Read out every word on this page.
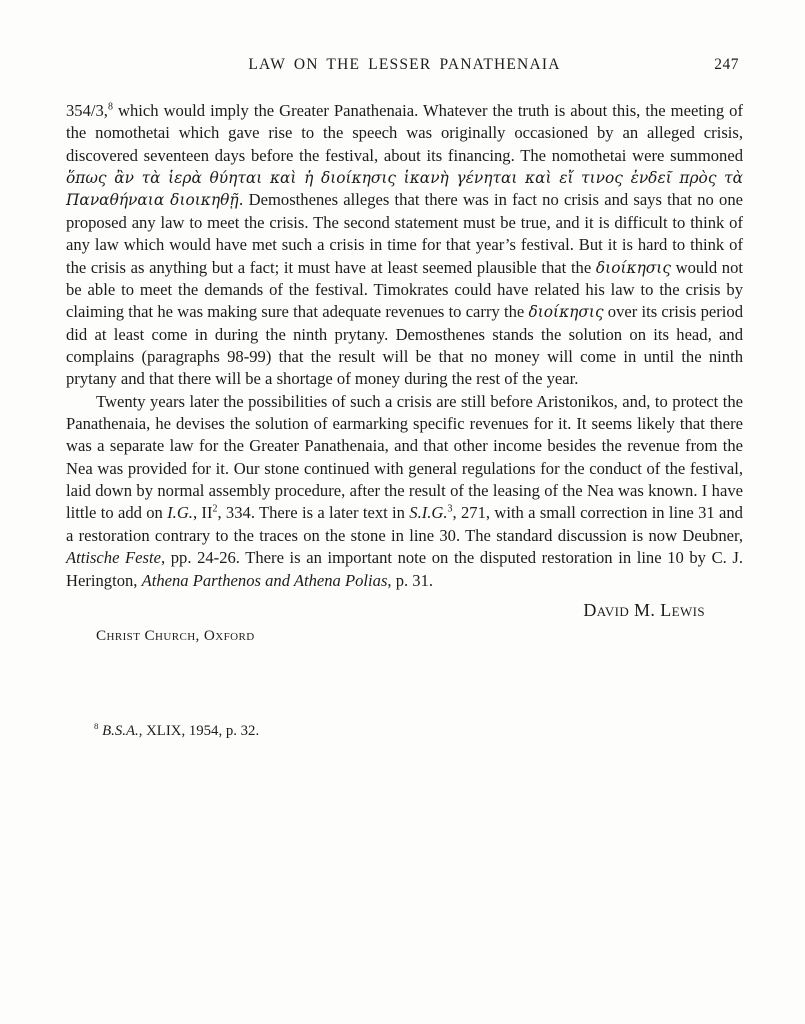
LAW ON THE LESSER PANATHENAIA	247

354/3,$^8$ which would imply the Greater Panathenaia. Whatever the truth is about this, the meeting of the nomothetai which gave rise to the speech was originally occasioned by an alleged crisis, discovered seventeen days before the festival, about its financing. The nomothetai were summoned ὅπως ἂν τὰ ἱερὰ θύηται καὶ ἡ διοίκησις ἱκανὴ γένηται καὶ εἴ τινος ἐνδεῖ πρὸς τὰ Παναθήναια διοικηθῇ. Demosthenes alleges that there was in fact no crisis and says that no one proposed any law to meet the crisis. The second statement must be true, and it is difficult to think of any law which would have met such a crisis in time for that year’s festival. But it is hard to think of the crisis as anything but a fact; it must have at least seemed plausible that the διοίκησις would not be able to meet the demands of the festival. Timokrates could have related his law to the crisis by claiming that he was making sure that adequate revenues to carry the διοίκησις over its crisis period did at least come in during the ninth prytany. Demosthenes stands the solution on its head, and complains (paragraphs 98-99) that the result will be that no money will come in until the ninth prytany and that there will be a shortage of money during the rest of the year.

Twenty years later the possibilities of such a crisis are still before Aristonikos, and, to protect the Panathenaia, he devises the solution of earmarking specific revenues for it. It seems likely that there was a separate law for the Greater Panathenaia, and that other income besides the revenue from the Nea was provided for it. Our stone continued with general regulations for the conduct of the festival, laid down by normal assembly procedure, after the result of the leasing of the Nea was known. I have little to add on I.G., $II^2$, 334. There is a later text in S.I.G.$^3$, 271, with a small correction in line 31 and a restoration contrary to the traces on the stone in line 30. The standard discussion is now Deubner, Attische Feste, pp. 24-26. There is an important note on the disputed restoration in line 10 by C. J. Herington, Athena Parthenos and Athena Polias, p. 31.

David M. Lewis
Christ Church, Oxford
$^8$ B.S.A., XLIX, 1954, p. 32.
